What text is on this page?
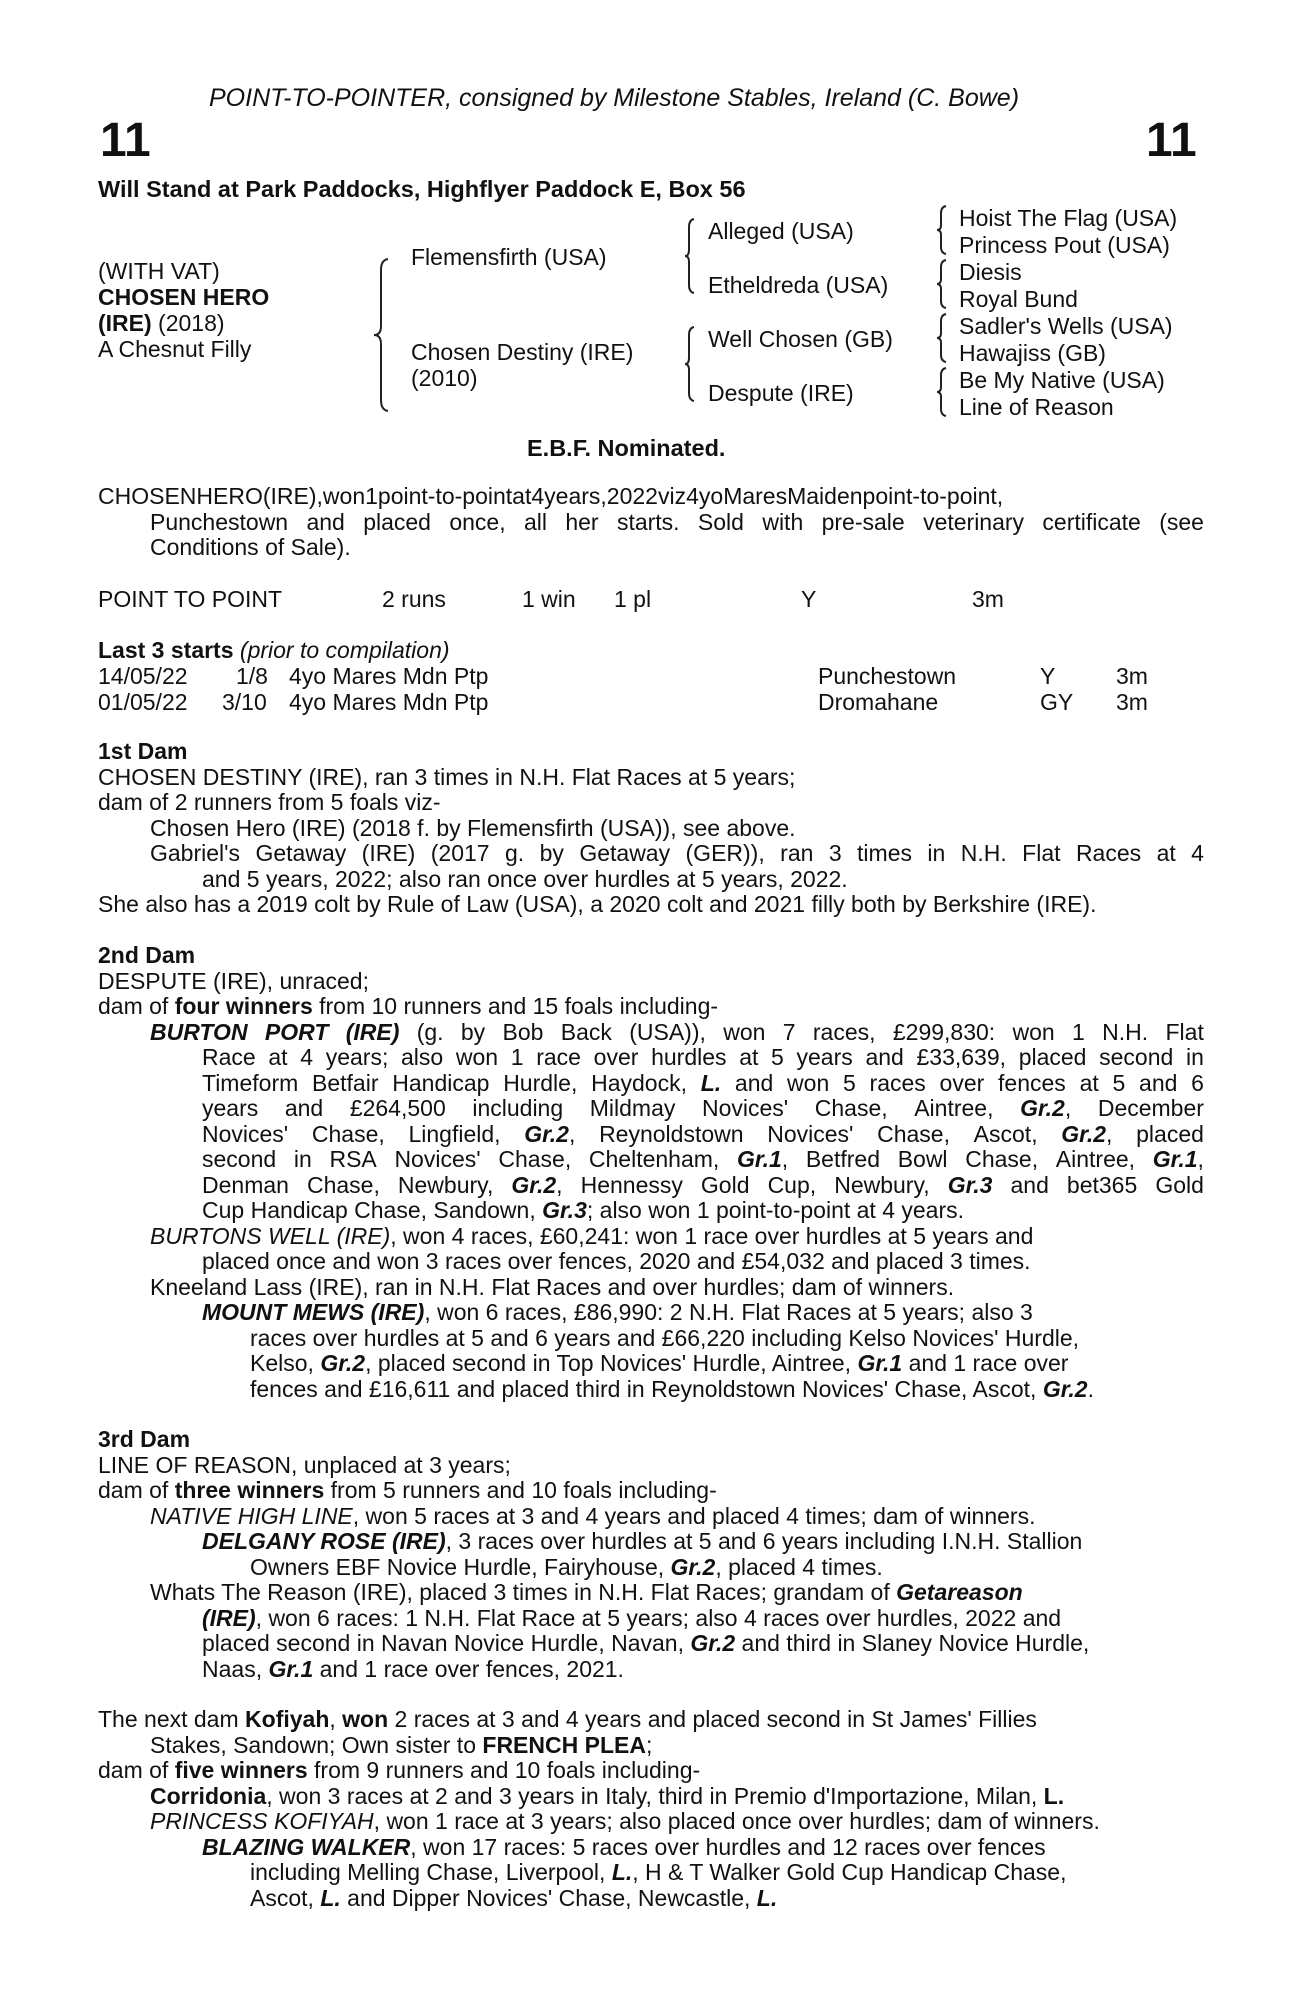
POINT-TO-POINTER, consigned by Milestone Stables, Ireland (C. Bowe)
11	11
Will Stand at Park Paddocks, Highflyer Paddock E, Box 56
(WITH VAT)
CHOSEN HERO
(IRE) (2018)
A Chesnut Filly
Flemensfirth (USA)
Chosen Destiny (IRE)
(2010)
Alleged (USA)
Etheldreda (USA)
Well Chosen (GB)
Despute (IRE)
Hoist The Flag (USA)
Princess Pout (USA)
Diesis
Royal Bund
Sadler's Wells (USA)
Hawajiss (GB)
Be My Native (USA)
Line of Reason
E.B.F. Nominated.
CHOSENHERO(IRE),won1point-to-pointat4years,2022viz4yoMaresMaidenpoint-to-point,
Punchestown and placed once, all her starts. Sold with pre-sale veterinary certificate (see
Conditions of Sale).
POINT TO POINT	2 runs	1 win 1 pl	Y	3m
Last 3 starts (prior to compilation)
14/05/22 1/8 4yo Mares Mdn Ptp	Punchestown	Y	3m
01/05/22 3/10 4yo Mares Mdn Ptp	Dromahane	GY 3m
1st Dam
CHOSEN DESTINY (IRE), ran 3 times in N.H. Flat Races at 5 years;
dam of 2 runners from 5 foals viz-
Chosen Hero (IRE) (2018 f. by Flemensfirth (USA)), see above.
Gabriel's Getaway (IRE) (2017 g. by Getaway (GER)), ran 3 times in N.H. Flat Races at 4
and 5 years, 2022; also ran once over hurdles at 5 years, 2022.
She also has a 2019 colt by Rule of Law (USA), a 2020 colt and 2021 filly both by Berkshire (IRE).
2nd Dam
DESPUTE (IRE), unraced;
dam of four winners from 10 runners and 15 foals including-
BURTON PORT (IRE) (g. by Bob Back (USA)), won 7 races, £299,830: won 1 N.H. Flat
Race at 4 years; also won 1 race over hurdles at 5 years and £33,639, placed second in
Timeform Betfair Handicap Hurdle, Haydock, L. and won 5 races over fences at 5 and 6
years and £264,500 including Mildmay Novices' Chase, Aintree, Gr.2, December
Novices' Chase, Lingfield, Gr.2, Reynoldstown Novices' Chase, Ascot, Gr.2, placed
second in RSA Novices' Chase, Cheltenham, Gr.1, Betfred Bowl Chase, Aintree, Gr.1,
Denman Chase, Newbury, Gr.2, Hennessy Gold Cup, Newbury, Gr.3 and bet365 Gold
Cup Handicap Chase, Sandown, Gr.3; also won 1 point-to-point at 4 years.
BURTONS WELL (IRE), won 4 races, £60,241: won 1 race over hurdles at 5 years and
placed once and won 3 races over fences, 2020 and £54,032 and placed 3 times.
Kneeland Lass (IRE), ran in N.H. Flat Races and over hurdles; dam of winners.
MOUNT MEWS (IRE), won 6 races, £86,990: 2 N.H. Flat Races at 5 years; also 3
races over hurdles at 5 and 6 years and £66,220 including Kelso Novices' Hurdle,
Kelso, Gr.2, placed second in Top Novices' Hurdle, Aintree, Gr.1 and 1 race over
fences and £16,611 and placed third in Reynoldstown Novices' Chase, Ascot, Gr.2.
3rd Dam
LINE OF REASON, unplaced at 3 years;
dam of three winners from 5 runners and 10 foals including-
NATIVE HIGH LINE, won 5 races at 3 and 4 years and placed 4 times; dam of winners.
DELGANY ROSE (IRE), 3 races over hurdles at 5 and 6 years including I.N.H. Stallion
Owners EBF Novice Hurdle, Fairyhouse, Gr.2, placed 4 times.
Whats The Reason (IRE), placed 3 times in N.H. Flat Races; grandam of Getareason
(IRE), won 6 races: 1 N.H. Flat Race at 5 years; also 4 races over hurdles, 2022 and
placed second in Navan Novice Hurdle, Navan, Gr.2 and third in Slaney Novice Hurdle,
Naas, Gr.1 and 1 race over fences, 2021.
The next dam Kofiyah, won 2 races at 3 and 4 years and placed second in St James' Fillies
Stakes, Sandown; Own sister to FRENCH PLEA;
dam of five winners from 9 runners and 10 foals including-
Corridonia, won 3 races at 2 and 3 years in Italy, third in Premio d'Importazione, Milan, L.
PRINCESS KOFIYAH, won 1 race at 3 years; also placed once over hurdles; dam of winners.
BLAZING WALKER, won 17 races: 5 races over hurdles and 12 races over fences
including Melling Chase, Liverpool, L., H & T Walker Gold Cup Handicap Chase,
Ascot, L. and Dipper Novices' Chase, Newcastle, L.
